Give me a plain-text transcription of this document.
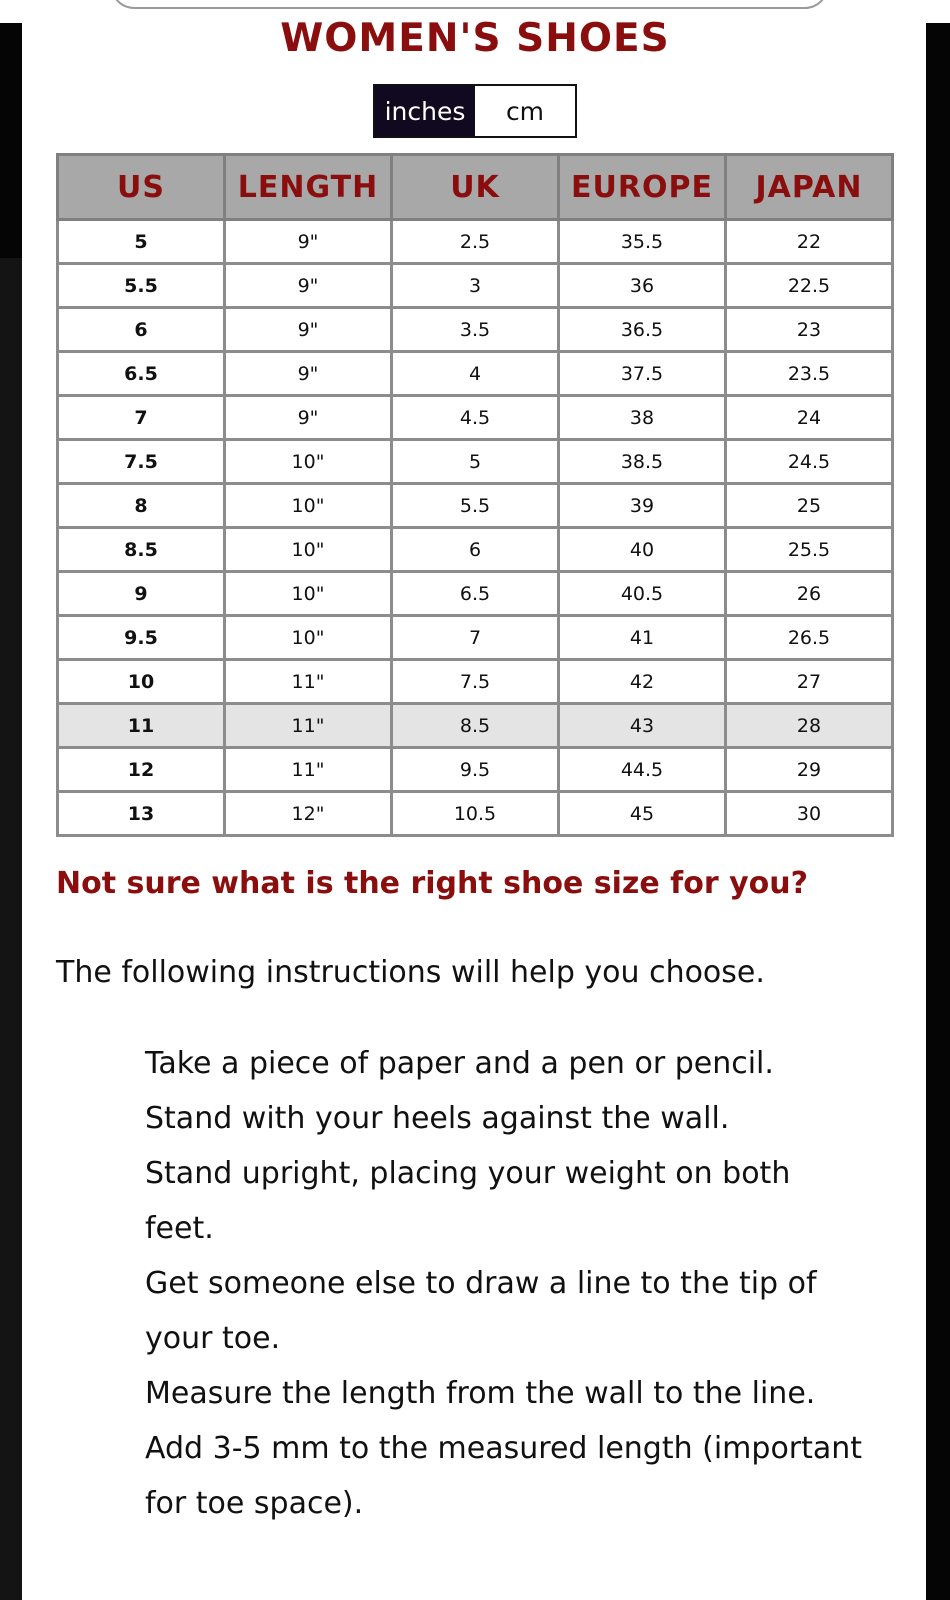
WOMEN'S SHOES
inches	cm
US	LENGTH	UK	EUROPE	JAPAN
5	9"	2.5	35.5	22
5.5	9"	3	36	22.5
6	9"	3.5	36.5	23
6.5	9"	4	37.5	23.5
7	9"	4.5	38	24
7.5	10"	5	38.5	24.5
8	10"	5.5	39	25
8.5	10"	6	40	25.5
9	10"	6.5	40.5	26
9.5	10"	7	41	26.5
10	11"	7.5	42	27
11	11"	8.5	43	28
12	11"	9.5	44.5	29
13	12"	10.5	45	30
Not sure what is the right shoe size for you?
The following instructions will help you choose.
Take a piece of paper and a pen or pencil.
Stand with your heels against the wall.
Stand upright, placing your weight on both feet.
Get someone else to draw a line to the tip of your toe.
Measure the length from the wall to the line.
Add 3-5 mm to the measured length (important for toe space).
